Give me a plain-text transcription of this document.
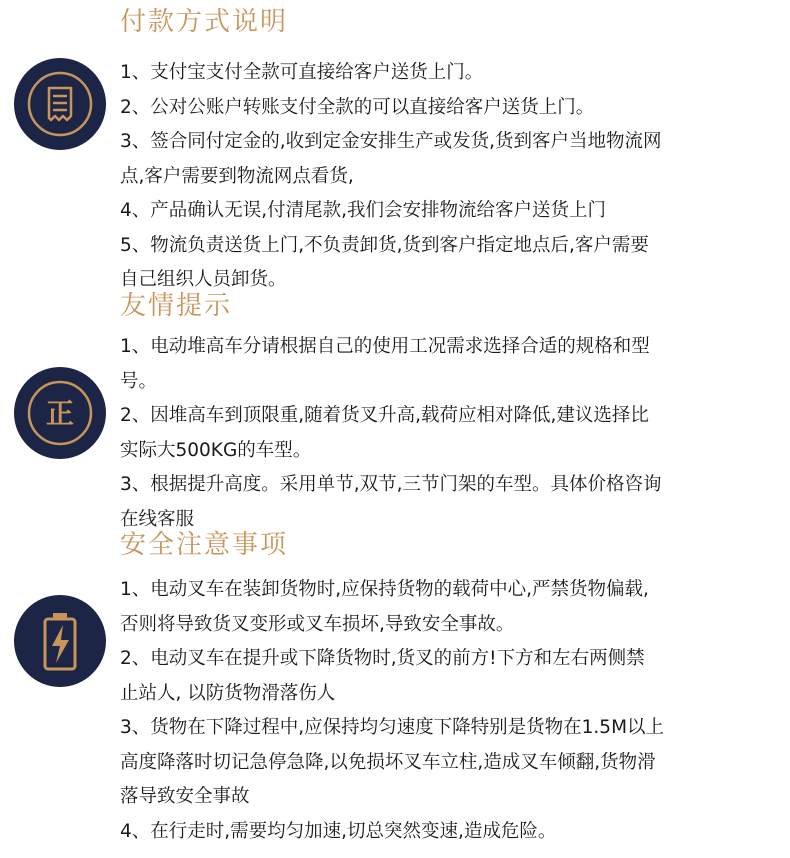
付款方式说明
1、支付宝支付全款可直接给客户送货上门。
2、公对公账户转账支付全款的可以直接给客户送货上门。
3、签合同付定金的,收到定金安排生产或发货,货到客户当地物流网
点,客户需要到物流网点看货,
4、产品确认无误,付清尾款,我们会安排物流给客户送货上门
5、物流负责送货上门,不负责卸货,货到客户指定地点后,客户需要
自己组织人员卸货。
友情提示
正
1、电动堆高车分请根据自己的使用工况需求选择合适的规格和型
号。
2、因堆高车到顶限重,随着货叉升高,载荷应相对降低,建议选择比
实际大500KG的车型。
3、根据提升高度。采用单节,双节,三节门架的车型。具体价格咨询
在线客服
安全注意事项
1、电动叉车在装卸货物时,应保持货物的载荷中心,严禁货物偏载,
否则将导致货叉变形或叉车损坏,导致安全事故。
2、电动叉车在提升或下降货物时,货叉的前方!下方和左右两侧禁
止站人, 以防货物滑落伤人
3、货物在下降过程中,应保持均匀速度下降特别是货物在1.5M以上
高度降落时切记急停急降,以免损坏叉车立柱,造成叉车倾翻,货物滑
落导致安全事故
4、在行走时,需要均匀加速,切总突然变速,造成危险。
